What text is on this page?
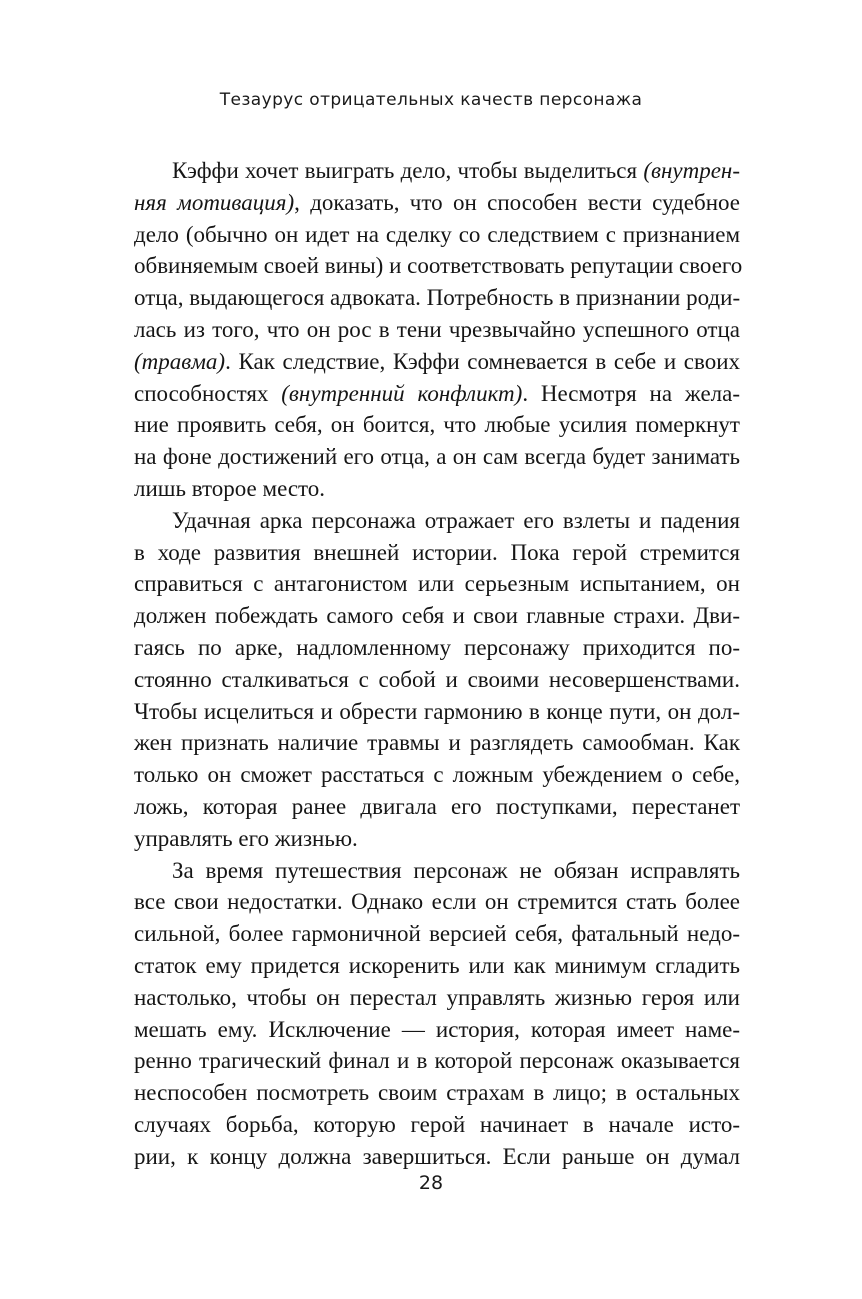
Тезаурус отрицательных качеств персонажа
Кэффи хочет выиграть дело, чтобы выделиться (внутрен-
няя мотивация), доказать, что он способен вести судебное
дело (обычно он идет на сделку со следствием с признанием
обвиняемым своей вины) и соответствовать репутации своего
отца, выдающегося адвоката. Потребность в признании роди-
лась из того, что он рос в тени чрезвычайно успешного отца
(травма). Как следствие, Кэффи сомневается в себе и своих
способностях (внутренний конфликт). Несмотря на жела-
ние проявить себя, он боится, что любые усилия померкнут
на фоне достижений его отца, а он сам всегда будет занимать
лишь второе место.
Удачная арка персонажа отражает его взлеты и падения
в ходе развития внешней истории. Пока герой стремится
справиться с антагонистом или серьезным испытанием, он
должен побеждать самого себя и свои главные страхи. Дви-
гаясь по арке, надломленному персонажу приходится по-
стоянно сталкиваться с собой и своими несовершенствами.
Чтобы исцелиться и обрести гармонию в конце пути, он дол-
жен признать наличие травмы и разглядеть самообман. Как
только он сможет расстаться с ложным убеждением о себе,
ложь, которая ранее двигала его поступками, перестанет
управлять его жизнью.
За время путешествия персонаж не обязан исправлять
все свои недостатки. Однако если он стремится стать более
сильной, более гармоничной версией себя, фатальный недо-
статок ему придется искоренить или как минимум сгладить
настолько, чтобы он перестал управлять жизнью героя или
мешать ему. Исключение — история, которая имеет наме-
ренно трагический финал и в которой персонаж оказывается
неспособен посмотреть своим страхам в лицо; в остальных
случаях борьба, которую герой начинает в начале исто-
рии, к концу должна завершиться. Если раньше он думал
28
